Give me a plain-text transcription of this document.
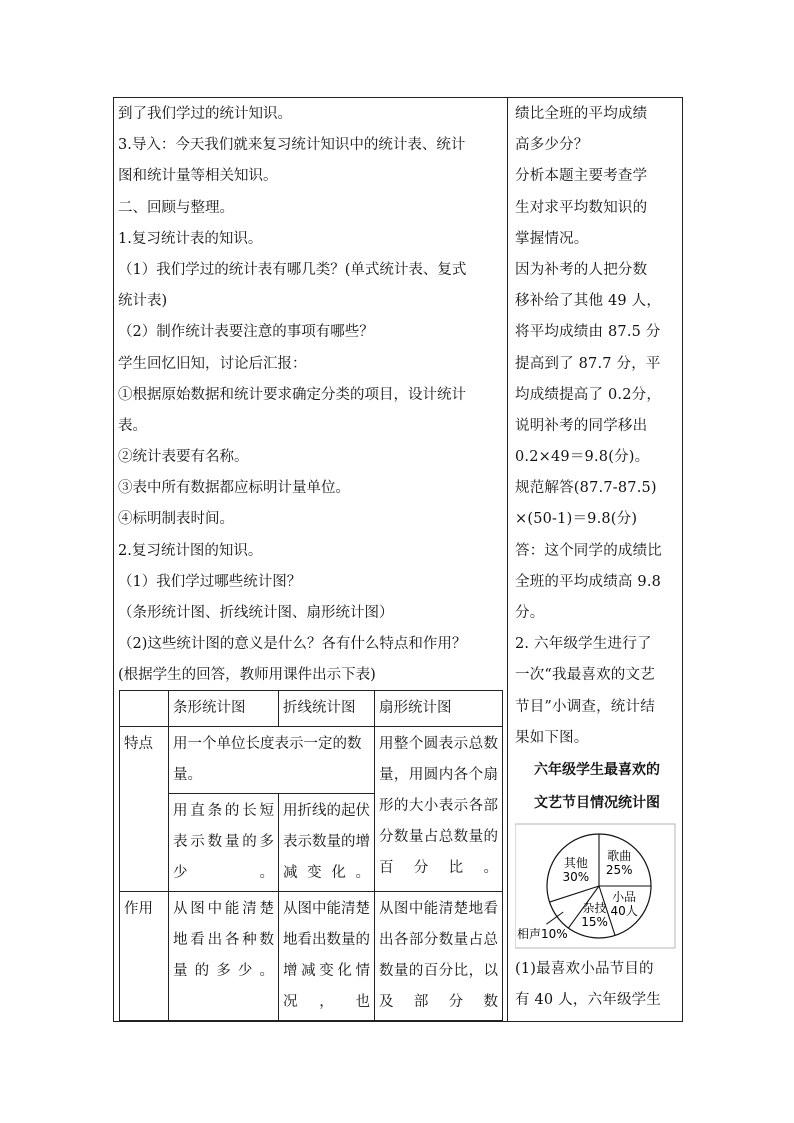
到了我们学过的统计知识。
3.导入：今天我们就来复习统计知识中的统计表、统计
图和统计量等相关知识。
二、回顾与整理。
1.复习统计表的知识。
（1）我们学过的统计表有哪几类？(单式统计表、复式
统计表)
（2）制作统计表要注意的事项有哪些？
学生回忆旧知，讨论后汇报：
①根据原始数据和统计要求确定分类的项目，设计统计
表。
②统计表要有名称。
③表中所有数据都应标明计量单位。
④标明制表时间。
2.复习统计图的知识。
（1）我们学过哪些统计图？
（条形统计图、折线统计图、扇形统计图）
（2)这些统计图的意义是什么？各有什么特点和作用？
(根据学生的回答，教师用课件出示下表)
	条形统计图	折线统计图	扇形统计图
特点	用一个单位长度表示一定的数量。		用整个圆表示总数量，用圆内各个扇形的大小表示各部分数量占总数量的百分比。
	用直条的长短表示数量的多少。	用折线的起伏表示数量的增减变化。	
作用	从图中能清楚地看出各种数量的多少。	从图中能清楚地看出数量的增减变化情况，也	从图中能清楚地看出各部分数量占总数量的百分比，以及部分数
绩比全班的平均成绩
高多少分？
分析本题主要考查学
生对求平均数知识的
掌握情况。
因为补考的人把分数
移补给了其他 49 人，
将平均成绩由 87.5 分
提高到了 87.7 分，平
均成绩提高了 0.2分，
说明补考的同学移出
0.2×49＝9.8(分)。
规范解答(87.7-87.5)
×(50-1)＝9.8(分)
答：这个同学的成绩比
全班的平均成绩高 9.8
分。
2. 六年级学生进行了
一次“我最喜欢的文艺
节目”小调查，统计结
果如下图。
六年级学生最喜欢的
文艺节目情况统计图
歌曲
25%
小品
40人
杂技
15%
相声10%
其他
30%
(1)最喜欢小品节目的
有 40 人，六年级学生
